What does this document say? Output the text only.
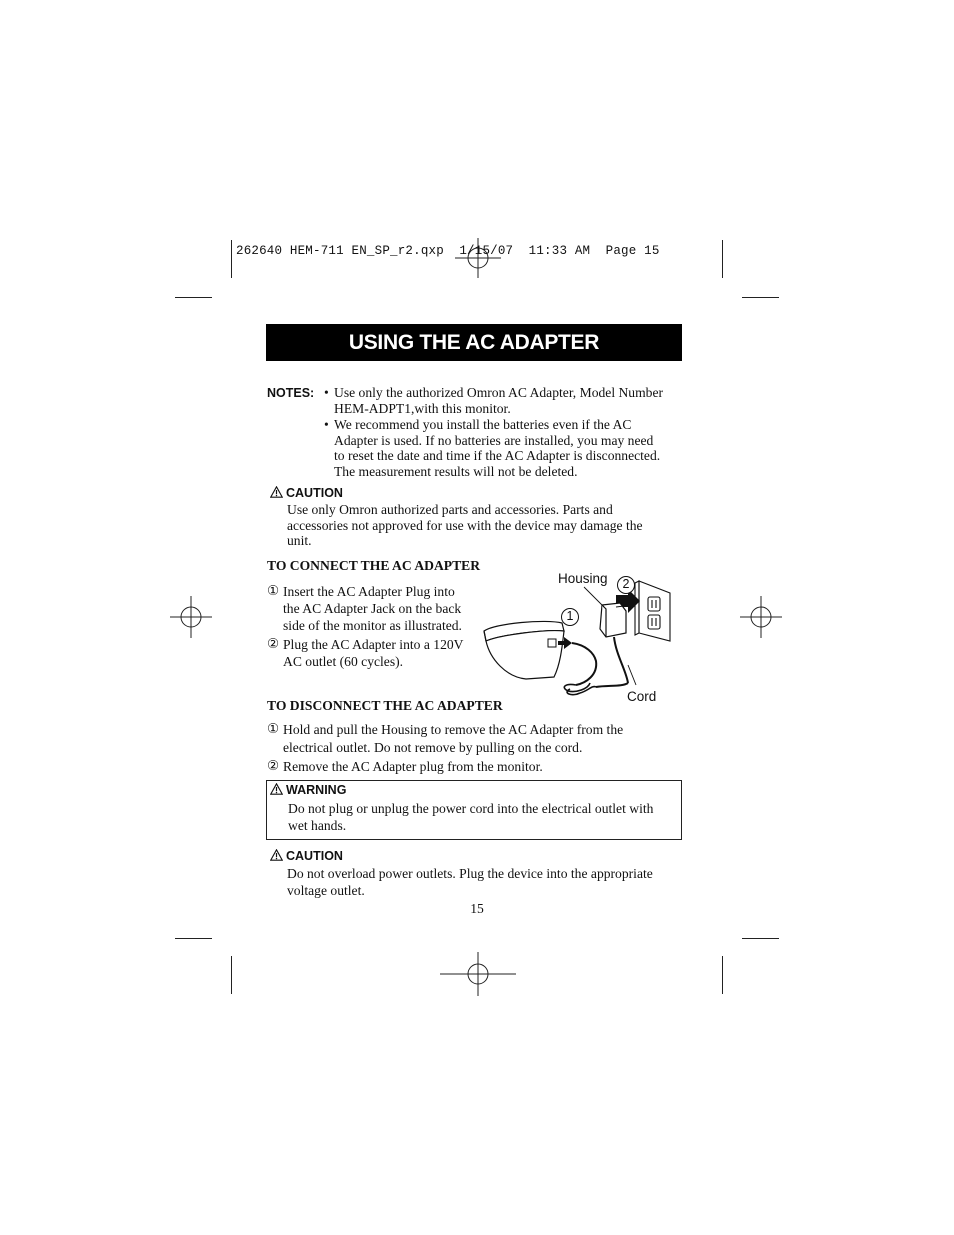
262640 HEM-711 EN_SP_r2.qxp  1/15/07  11:33 AM  Page 15
USING THE AC ADAPTER
NOTES: • Use only the authorized Omron AC Adapter, Model Number
HEM-ADPT1,with this monitor.
• We recommend you install the batteries even if the AC
Adapter is used. If no batteries are installed, you may need
to reset the date and time if the AC Adapter is disconnected.
The measurement results will not be deleted.
CAUTION
Use only Omron authorized parts and accessories. Parts and
accessories not approved for use with the device may damage the
unit.
TO CONNECT THE AC ADAPTER
① Insert the AC Adapter Plug into
the AC Adapter Jack on the back
side of the monitor as illustrated.
② Plug the AC Adapter into a 120V
AC outlet (60 cycles).
1
2
Housing
Cord
TO DISCONNECT THE AC ADAPTER
① Hold and pull the Housing to remove the AC Adapter from the
electrical outlet. Do not remove by pulling on the cord.
② Remove the AC Adapter plug from the monitor.
WARNING
Do not plug or unplug the power cord into the electrical outlet with
wet hands.
CAUTION
Do not overload power outlets. Plug the device into the appropriate
voltage outlet.
15
